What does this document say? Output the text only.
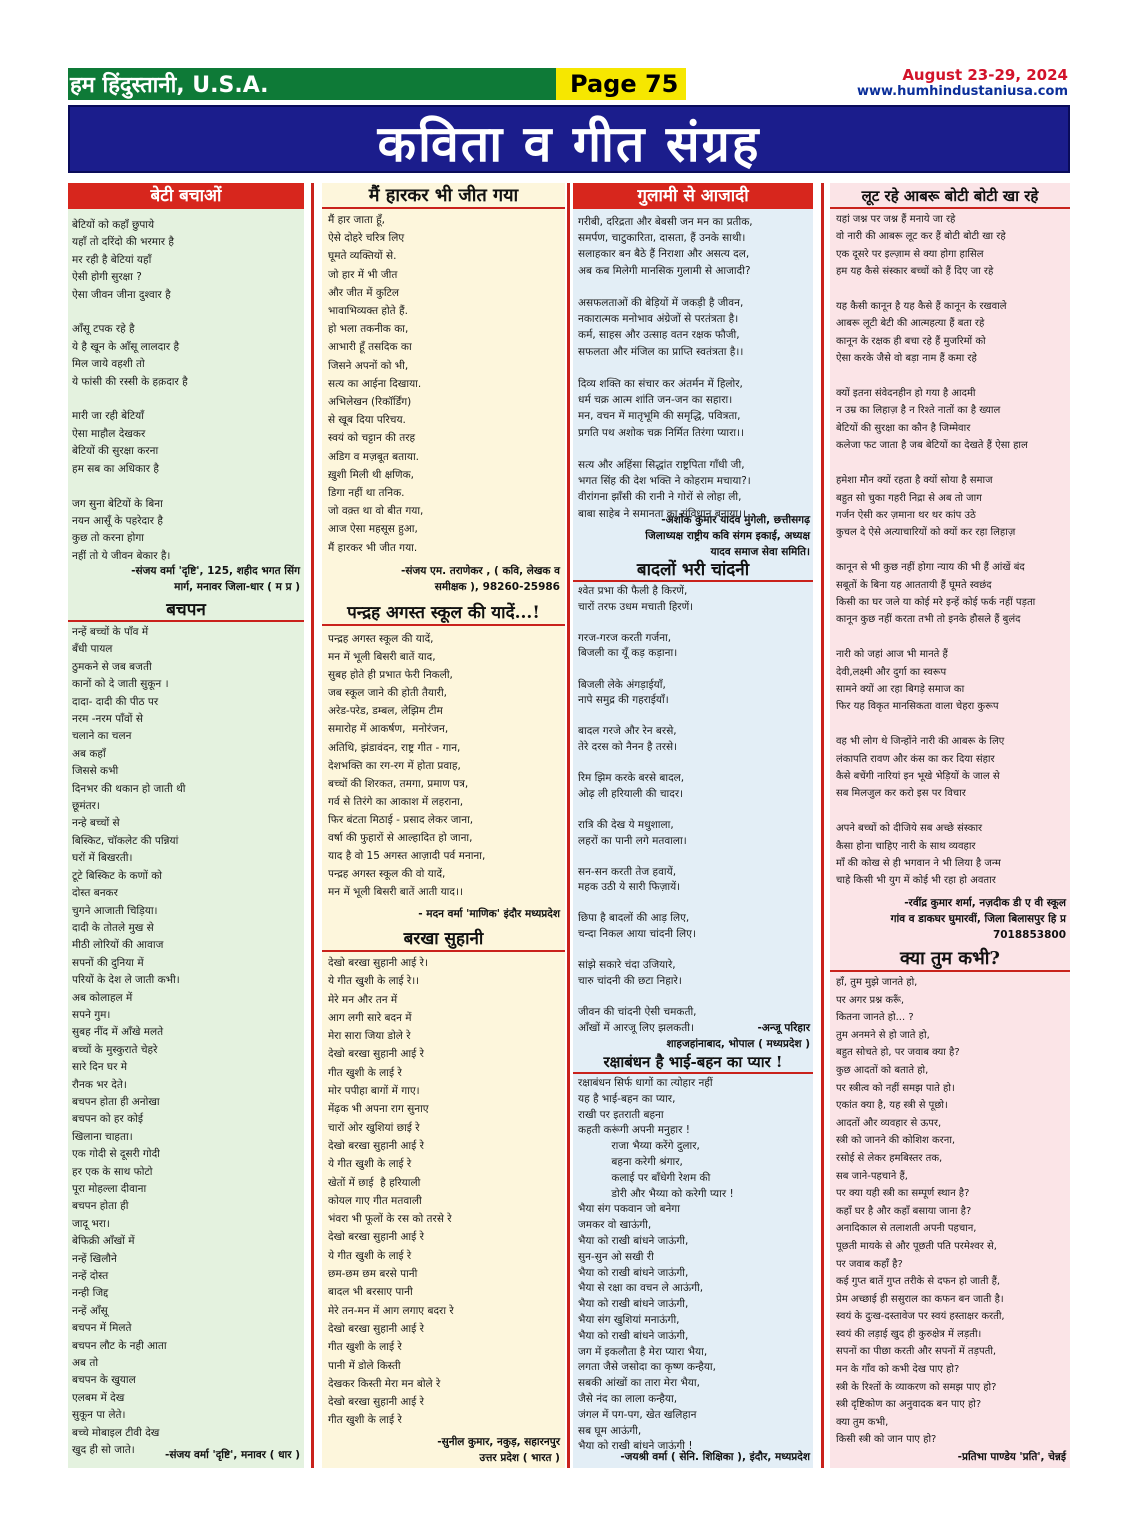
हम हिंदुस्तानी, U.S.A.	Page 75	August 23-29, 2024
www.humhindustaniusa.com
कविता व गीत संग्रह
बेटी बचाओं
बेटियों को कहाँ छुपाये
यहाँ तो दरिंदो की भरमार है
मर रही है बेटियां यहाँ
ऐसी होगी सुरक्षा ?
ऐसा जीवन जीना दुश्वार है

आँसू टपक रहे है
ये है खून के आँसू लालदार है
मिल जाये वहशी तो
ये फांसी की रस्सी के हक़दार है

मारी जा रही बेटियाँ
ऐसा माहौल देखकर
बेटियों की सुरक्षा करना
हम सब का अधिकार है

जग सुना बेटियों के बिना
नयन आसूँ के पहरेदार है
कुछ तो करना होगा
नहीं तो ये जीवन बेकार है।
-संजय वर्मा 'दृष्टि', 125, शहीद भगत सिंग
मार्ग, मनावर जिला-धार ( म प्र )
बचपन
नन्हें बच्चों के पाँव में
बँधी पायल
ठुमकने से जब बजती
कानों को दे जाती सुकून ।
दादा- दादी की पीठ पर
नरम -नरम पाँवों से
चलाने का चलन
अब कहाँ
जिससे कभी
दिनभर की थकान हो जाती थी
छूमंतर।
नन्हे बच्चों से
बिस्किट, चॉकलेट की पन्नियां
घरों में बिखरती।
टूटे बिस्किट के कणों को
दोस्त बनकर
चुगने आजाती चिड़िया।
दादी के तोतले मुख से
मीठी लोरियों की आवाज
सपनों की दुनिया में
परियों के देश ले जाती कभी।
अब कोलाहल में
सपने गुम।
सुबह नींद में आँखे मलते
बच्चों के मुस्कुराते चेहरे
सारे दिन घर मे
रौनक भर देते।
बचपन होता ही अनोखा
बचपन को हर कोई
खिलाना चाहता।
एक गोदी से दूसरी गोदी
हर एक के साथ फोटो
पूरा मोहल्ला दीवाना
बचपन होता ही
जादू भरा।
बेफिक्री आँखों में
नन्हें खिलौने
नन्हें दोस्त
नन्ही जिद्द
नन्हें आँसू
बचपन में मिलते
बचपन लौट के नही आता
अब तो
बचपन के खुयाल
एलबम में देख
सुकून पा लेते।
बच्चे मोबाइल टीवी देख
खुद ही सो जाते।	-संजय वर्मा 'दृष्टि', मनावर ( धार )
मैं हारकर भी जीत गया
मैं हार जाता हूँ,
ऐसे दोहरे चरित्र लिए
घूमते व्यक्तियों से.
जो हार में भी जीत
और जीत में कुटिल
भावाभिव्यक्त होते हैं.
हो भला तकनीक का,
आभारी हूँ तसदिक का
जिसने अपनों को भी,
सत्य का आईना दिखाया.
अभिलेखन (रिकॉर्डिंग)
से खूब दिया परिचय.
स्वयं को चट्टान की तरह
अडिग व मज़बूत बताया.
ख़ुशी मिली थी क्षणिक,
डिगा नहीं था तनिक.
जो वक़्त था वो बीत गया,
आज ऐसा महसूस हुआ,
मैं हारकर भी जीत गया.
-संजय एम. तराणेकर , ( कवि, लेखक व
समीक्षक ), 98260-25986
पन्द्रह अगस्त स्कूल की यादें...!
पन्द्रह अगस्त स्कूल की यादें,
मन में भूली बिसरी बातें याद,
सुबह होते ही प्रभात फेरी निकली,
जब स्कूल जाने की होती तैयारी,
अरेड-परेड, डम्बल, लेझिम टीम
समारोह में आकर्षण,  मनोरंजन,
अतिथि, झंडावंदन, राष्ट्र गीत - गान,
देशभक्ति का रग-रग में होता प्रवाह,
बच्चों की शिरकत, तमगा, प्रमाण पत्र,
गर्व से तिरंगे का आकाश में लहराना,
फिर बंटता मिठाई - प्रसाद लेकर जाना,
वर्षा की फुहारों से आल्हादित हो जाना,
याद है वो 15 अगस्त आज़ादी पर्व मनाना,
पन्द्रह अगस्त स्कूल की वो यादें,
मन में भूली बिसरी बातें आती याद।।
- मदन वर्मा 'माणिक' इंदौर मध्यप्रदेश
बरखा सुहानी
देखो बरखा सुहानी आई रे।
ये गीत खुशी के लाई रे।।
मेरे मन और तन में
आग लगी सारे बदन में
मेरा सारा जिया डोले रे
देखो बरखा सुहानी आई रे
गीत खुशी के लाई रे
मोर पपीहा बागों में गाए।
मेंढ़क भी अपना राग सुनाए
चारों ओर खुशियां छाई रे
देखो बरखा सुहानी आई रे
ये गीत खुशी के लाई रे
खेतों में छाई  है हरियाली
कोयल गाए गीत मतवाली
भंवरा भी फूलों के रस को तरसे रे
देखो बरखा सुहानी आई रे
ये गीत खुशी के लाई रे
छम-छम छम बरसे पानी
बादल भी बरसाए पानी
मेरे तन-मन में आग लगाए बदरा रे
देखो बरखा सुहानी आई रे
गीत खुशी के लाई रे
पानी में डोले किस्ती
देखकर किस्ती मेरा मन बोले रे
देखो बरखा सुहानी आई रे
गीत खुशी के लाई रे
-सुनील कुमार, नकुड़, सहारनपुर
उत्तर प्रदेश ( भारत )
गुलामी से आजादी
गरीबी, दरिद्रता और बेबसी जन मन का प्रतीक,
समर्पण, चाटुकारिता, दासता, हैं उनके साथी।
सलाहकार बन बैठे हैं निराशा और असत्य दल,
अब कब मिलेगी मानसिक गुलामी से आजादी?

असफलताओं की बेड़ियों में जकड़ी है जीवन,
नकारात्मक मनोभाव अंग्रेजों से परतंत्रता है।
कर्म, साहस और उत्साह वतन रक्षक फौजी,
सफलता और मंजिल का प्राप्ति स्वतंत्रता है।।

दिव्य शक्ति का संचार कर अंतर्मन में हिलोर,
धर्म चक्र आत्म शांति जन-जन का सहारा।
मन, वचन में मातृभूमि की समृद्धि, पवित्रता,
प्रगति पथ अशोक चक्र निर्मित तिरंगा प्यारा।।

सत्य और अहिंसा सिद्धांत राष्ट्रपिता गाँधी जी,
भगत सिंह की देश भक्ति ने कोहराम मचाया?।
वीरांगना झाँसी की रानी ने गोरों से लोहा ली,
बाबा साहेब ने समानता का संविधान बनाया।।
-अशोक कुमार यादव मुंगेली, छत्तीसगढ़
जिलाध्यक्ष राष्ट्रीय कवि संगम इकाई, अध्यक्ष
यादव समाज सेवा समिति।
बादलों भरी चांदनी
श्वेत प्रभा की फैली है किरणें,
चारों तरफ उधम मचाती हिरणें।

गरज-गरज करती गर्जना,
बिजली का यूँ कड़ कड़ाना।

बिजली लेके अंगड़ाईयाँ,
नापे समुद्र की गहराईयाँ।

बादल गरजे और रेन बरसे,
तेरे दरस को नैनन है तरसे।

रिम झिम करके बरसे बादल,
ओढ़ ली हरियाली की चादर।

रात्रि की देख ये मधुशाला,
लहरों का पानी लगे मतवाला।

सन-सन करती तेज हवायें,
महक उठी ये सारी फिज़ायें।

छिपा है बादलों की आड़ लिए,
चन्दा निकल आया चांदनी लिए।

सांझे सकारे चंदा उजियारे,
चारु चांदनी की छटा निहारे।

जीवन की चांदनी ऐसी चमकती,
आँखों में आरजू लिए झलकती।	-अन्जू परिहार
शाहजहांनाबाद, भोपाल ( मध्यप्रदेश )
रक्षाबंधन है भाई-बहन का प्यार !
रक्षाबंधन सिर्फ धागों का त्योहार नहीं
यह है भाई-बहन का प्यार,
राखी पर इतराती बहना
कहती करूंगी अपनी मनुहार !
राजा भैय्या करेंगे दुलार,
बहना करेगी श्रंगार,
कलाई पर बाँधेगी रेशम की
डोरी और भैय्या को करेगी प्यार !
भैया संग पकवान जो बनेगा
जमकर वो खाऊंगी,
भैया को राखी बांधने जाऊंगी,
सुन-सुन ओ सखी री
भैया को राखी बांधने जाऊंगी,
भैया से रक्षा का वचन ले आऊंगी,
भैया को राखी बांधने जाऊंगी,
भैया संग खुशियां मनाऊंगी,
भैया को राखी बांधने जाऊंगी,
जग में इकलौता है मेरा प्यारा भैया,
लगता जैसे जसोदा का कृष्ण कन्हैया,
सबकी आंखों का तारा मेरा भैया,
जैसे नंद का लाला कन्हैया,
जंगल में पग-पग, खेत खलिहान
सब घूम आऊंगी,
भैया को राखी बांधने जाऊंगी !
-जयश्री वर्मा ( सेनि. शिक्षिका ), इंदौर, मध्यप्रदेश
लूट रहे आबरू बोटी बोटी खा रहे
यहां जश्न पर जश्न हैं मनाये जा रहे
वो नारी की आबरू लूट कर हैं बोटी बोटी खा रहे
एक दूसरे पर इल्ज़ाम से क्या होगा हासिल
हम यह कैसे संस्कार बच्चों को हैं दिए जा रहे

यह कैसी कानून है यह कैसे हैं कानून के रखवाले
आबरू लूटी बेटी की आत्महत्या हैं बता रहे
कानून के रक्षक ही बचा रहे हैं मुजरिमों को
ऐसा करके जैसे वो बड़ा नाम हैं कमा रहे

क्यों इतना संवेदनहीन हो गया है आदमी
न उम्र का लिहाज़ है न रिश्ते नातों का है ख्याल
बेटियों की सुरक्षा का कौन है जिम्मेवार
कलेजा फट जाता है जब बेटियों का देखते हैं ऐसा हाल

हमेशा मौन क्यों रहता है क्यों सोया है समाज
बहुत सो चुका गहरी निद्रा से अब तो जाग
गर्जन ऐसी कर ज़माना थर थर कांप उठे
कुचल दे ऐसे अत्याचारियों को क्यों कर रहा लिहाज़

कानून से भी कुछ नहीं होगा न्याय की भी हैं आंखें बंद
सबूतों के बिना यह आततायी हैं घूमते स्वछंद
किसी का घर जले या कोई मरे इन्हें कोई फर्क नहीं पड़ता
कानून कुछ नहीं करता तभी तो इनके हौसले हैं बुलंद

नारी को जहां आज भी मानते हैं
देवी,लक्ष्मी और दुर्गा का स्वरूप
सामने क्यों आ रहा बिगड़े समाज का
फिर यह विकृत मानसिकता वाला चेहरा कुरूप

वह भी लोग थे जिन्होंने नारी की आबरू के लिए
लंकापति रावण और कंस का कर दिया संहार
कैसे बचेंगी नारियां इन भूखे भेड़ियों के जाल से
सब मिलजुल कर करो इस पर विचार

अपने बच्चों को दीजिये सब अच्छे संस्कार
कैसा होना चाहिए नारी के साथ व्यवहार
माँ की कोख से ही भगवान ने भी लिया है जन्म
चाहे किसी भी युग में कोई भी रहा हो अवतार
-रवींद्र कुमार शर्मा, नज़दीक डी ए वी स्कूल
गांव व डाकघर घुमारवीं, जिला बिलासपुर हि प्र
7018853800
क्या तुम कभी?
हाँ, तुम मुझे जानते हो,
पर अगर प्रश्न करूँ,
कितना जानते हो... ?
तुम अनमने से हो जाते हो,
बहुत सोचते हो, पर जवाब क्या है?
कुछ आदतों को बताते हो,
पर स्त्रीत्व को नहीं समझ पाते हो।
एकांत क्या है, यह स्त्री से पूछो।
आदतों और व्यवहार से ऊपर,
स्त्री को जानने की कोशिश करना,
रसोई से लेकर हमबिस्तर तक,
सब जाने-पहचाने हैं,
पर क्या यही स्त्री का सम्पूर्ण स्थान है?
कहाँ घर है और कहाँ बसाया जाना है?
अनादिकाल से तलाशती अपनी पहचान,
पूछती मायके से और पूछती पति परमेश्वर से,
पर जवाब कहाँ है?
कई गुप्त बातें गुप्त तरीके से दफन हो जाती हैं,
प्रेम अच्छाई ही ससुराल का कफन बन जाती है।
स्वयं के दुःख-दस्तावेज पर स्वयं हस्ताक्षर करती,
स्वयं की लड़ाई खुद ही कुरुक्षेत्र में लड़ती।
सपनों का पीछा करती और सपनों में तड़पती,
मन के गाँव को कभी देख पाए हो?
स्त्री के रिश्तों के व्याकरण को समझ पाए हो?
स्त्री दृष्टिकोण का अनुवादक बन पाए हो?
क्या तुम कभी,
किसी स्त्री को जान पाए हो?
-प्रतिभा पाण्डेय 'प्रति', चेन्नई
